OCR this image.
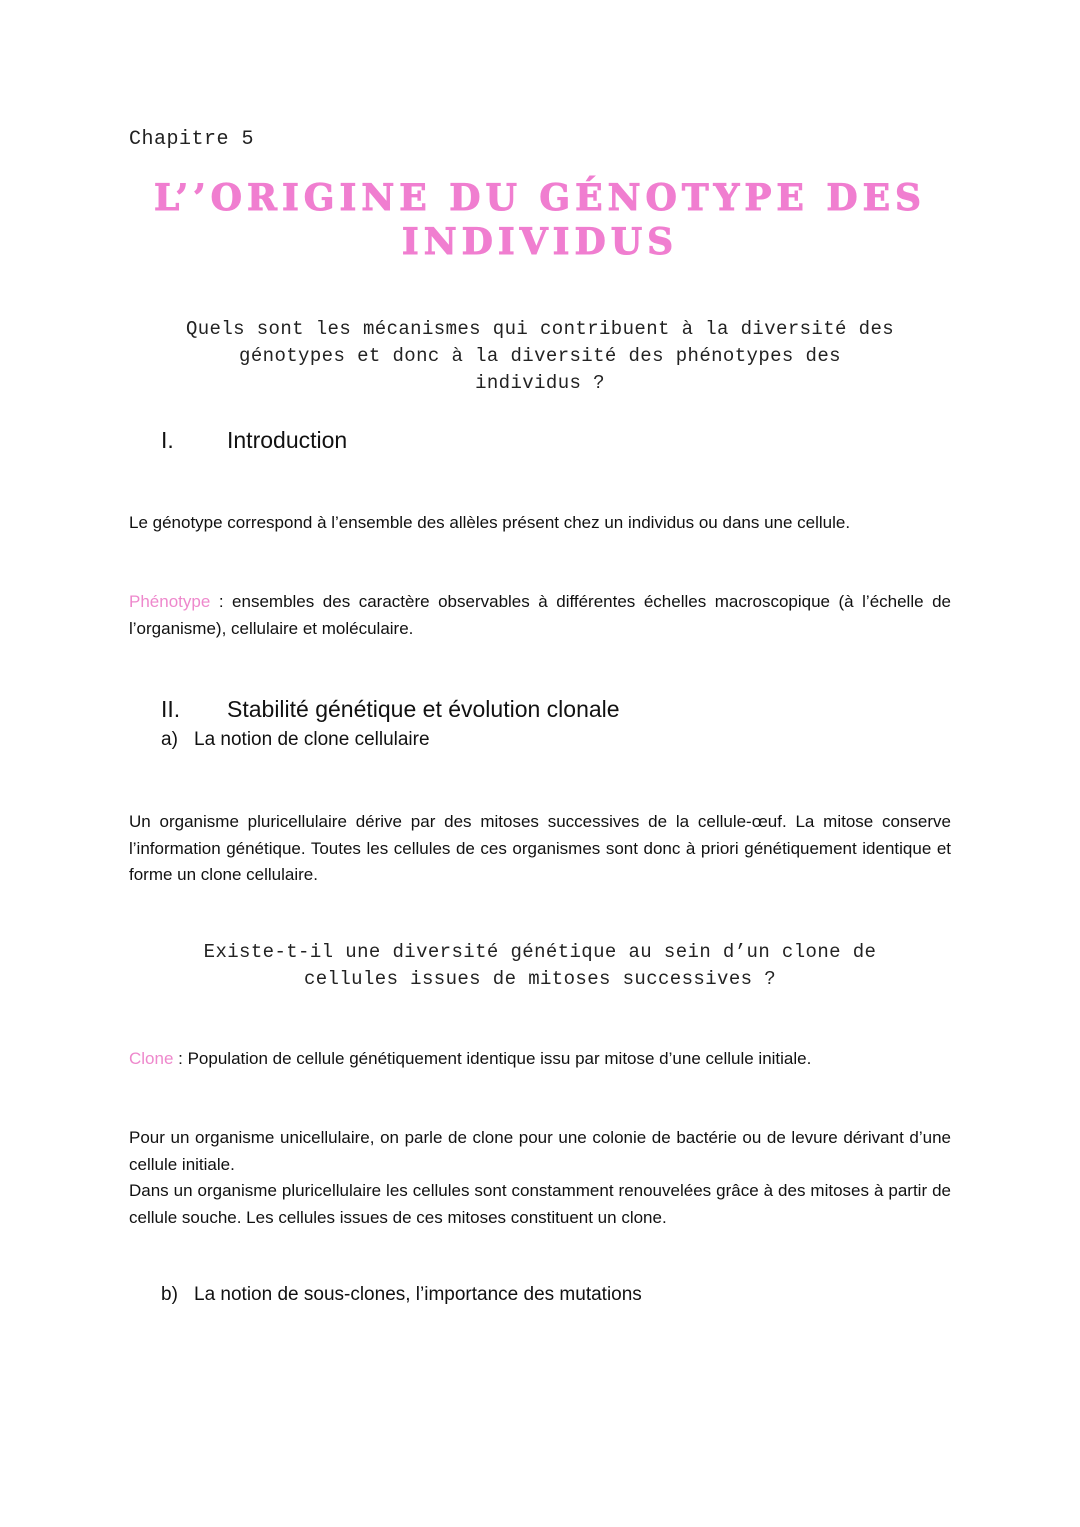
Chapitre 5
L’’ORIGINE DU GÉNOTYPE DES
INDIVIDUS
Quels sont les mécanismes qui contribuent à la diversité des
génotypes et donc à la diversité des phénotypes des
individus ?
I. Introduction

Le génotype correspond à l’ensemble des allèles présent chez un individus ou dans une cellule.

Phénotype : ensembles des caractère observables à différentes échelles macroscopique (à l’échelle de l’organisme), cellulaire et moléculaire.

II. Stabilité génétique et évolution clonale
a) La notion de clone cellulaire

Un organisme pluricellulaire dérive par des mitoses successives de la cellule-œuf. La mitose conserve l’information génétique. Toutes les cellules de ces organismes sont donc à priori génétiquement identique et forme un clone cellulaire.

Existe-t-il une diversité génétique au sein d’un clone de
cellules issues de mitoses successives ?

Clone : Population de cellule génétiquement identique issu par mitose d’une cellule initiale.

Pour un organisme unicellulaire, on parle de clone pour une colonie de bactérie ou de levure dérivant d’une cellule initiale.

Dans un organisme pluricellulaire les cellules sont constamment renouvelées grâce à des mitoses à partir de cellule souche. Les cellules issues de ces mitoses constituent un clone.

b) La notion de sous-clones, l’importance des mutations
